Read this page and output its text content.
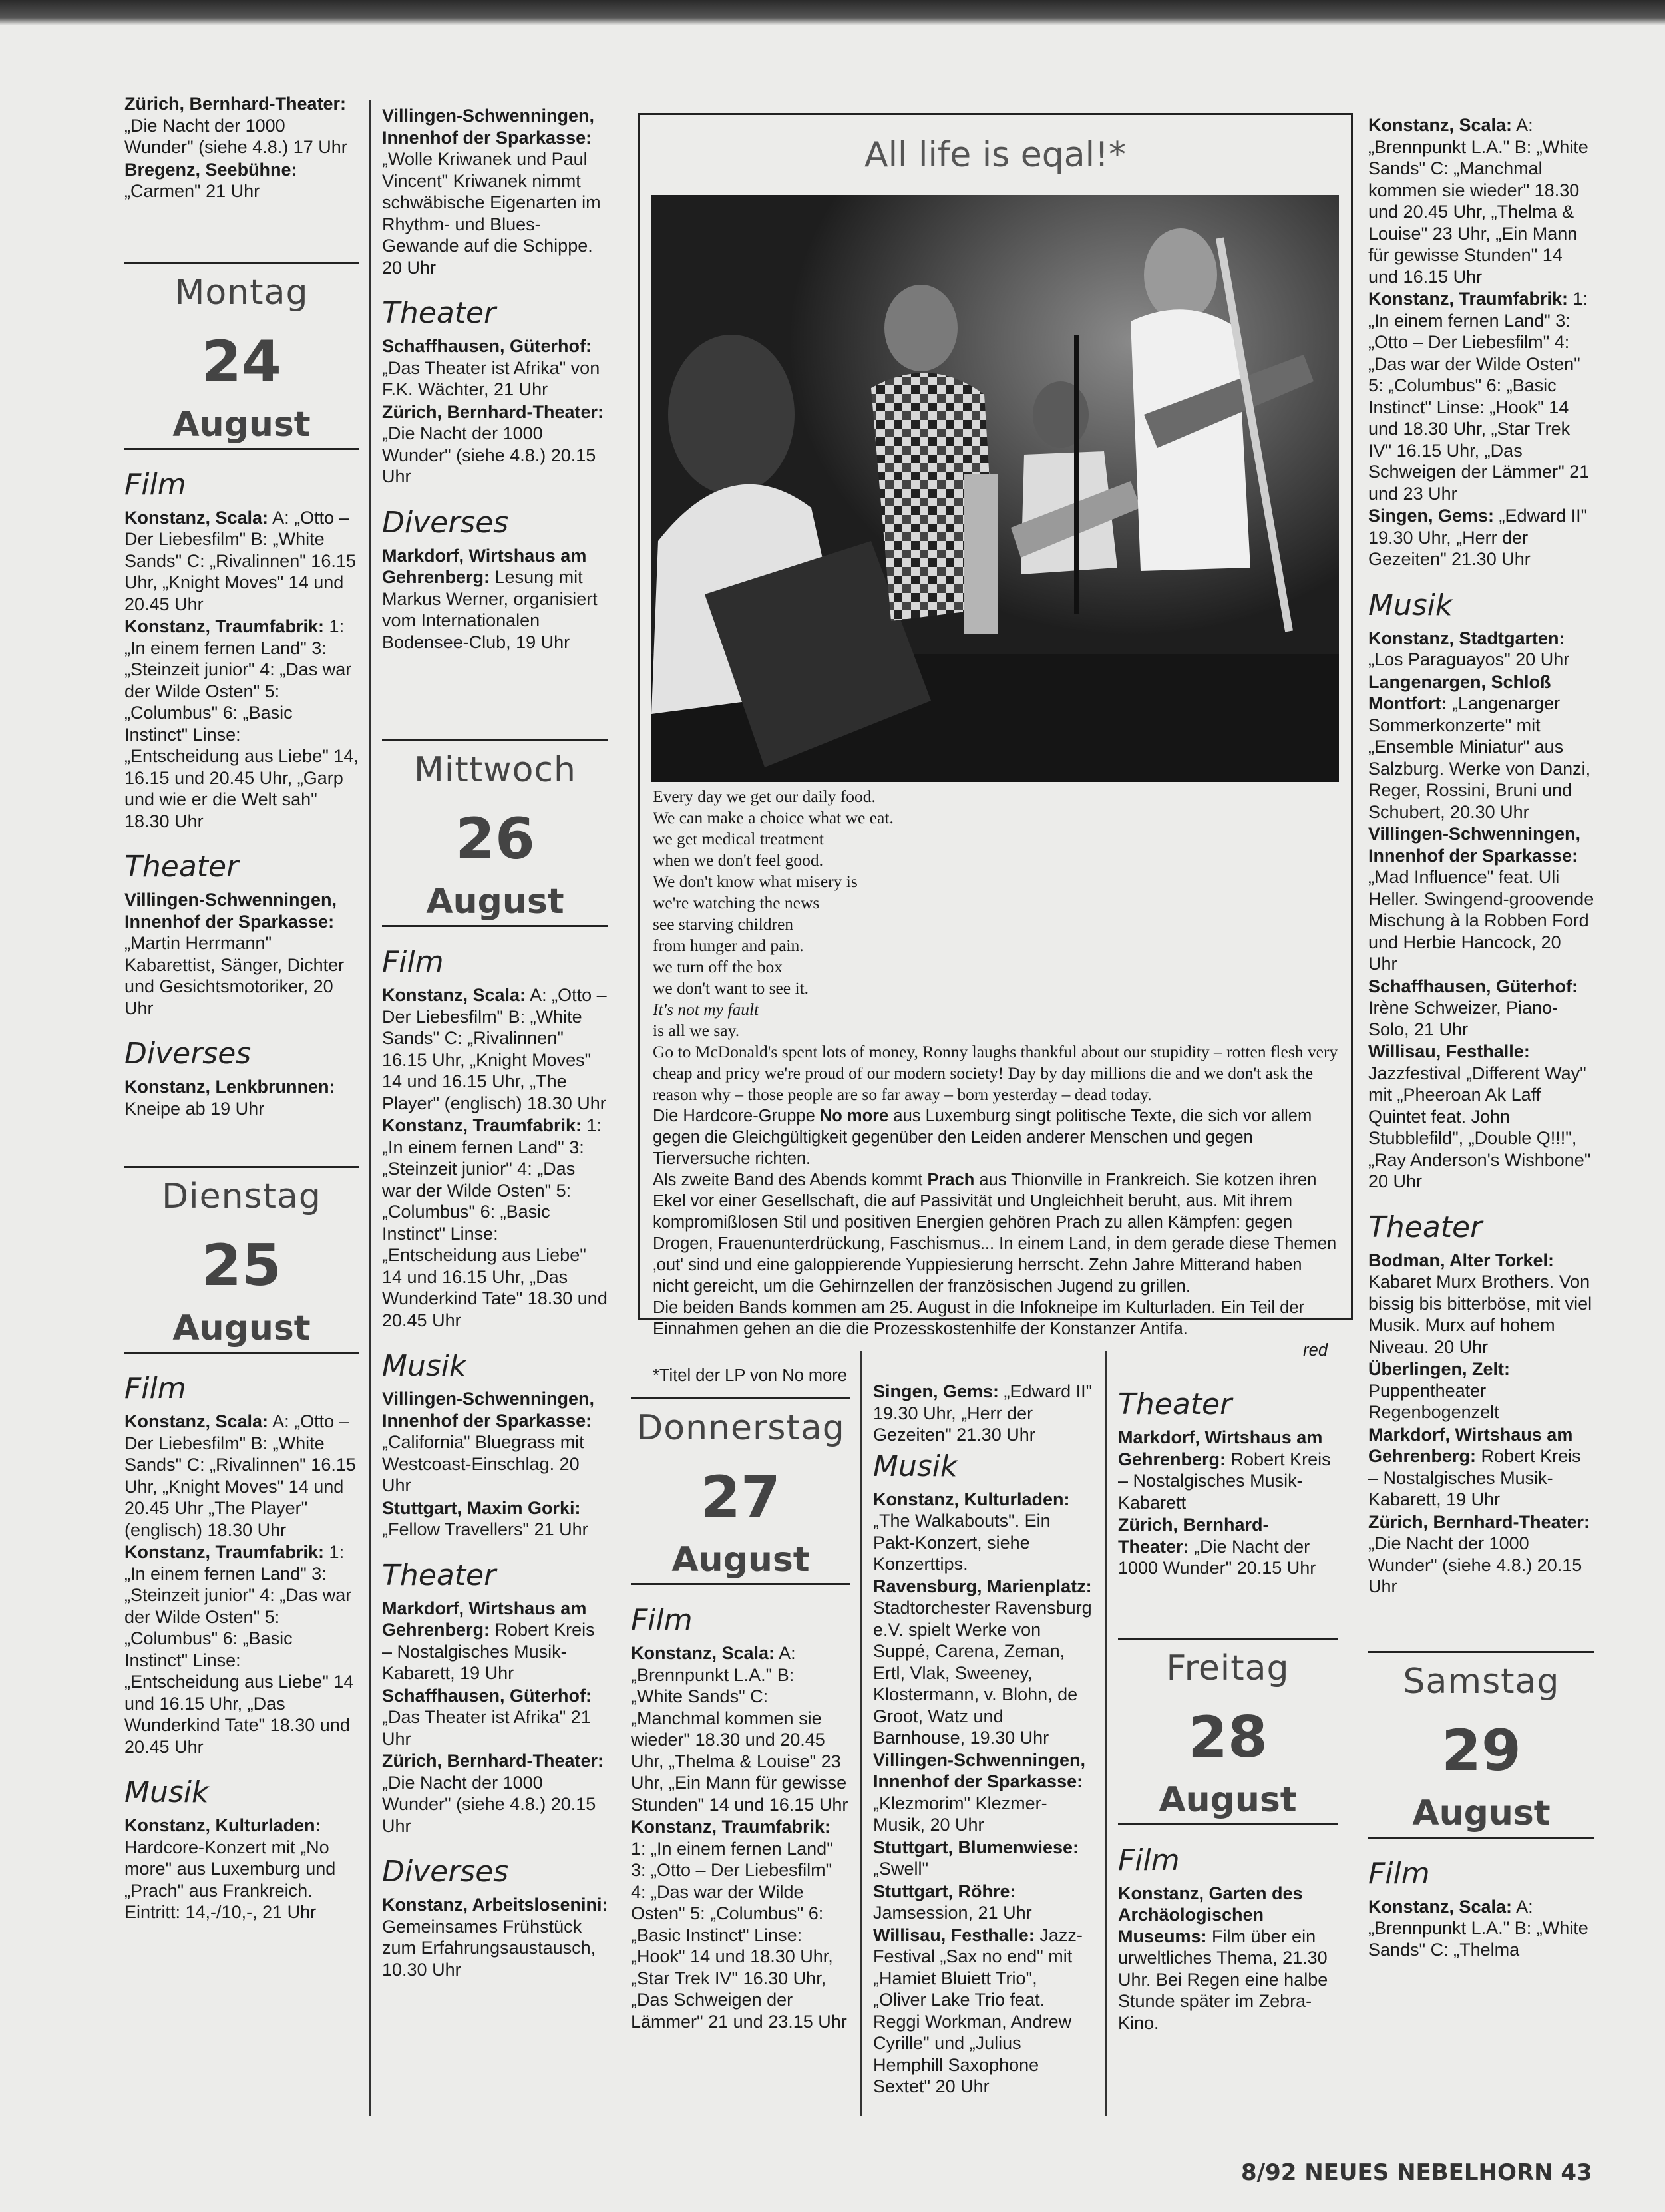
Zürich, Bernhard-Theater: „Die Nacht der 1000 Wunder" (siehe 4.8.) 17 Uhr

Bregenz, Seebühne: „Carmen" 21 Uhr

Montag
24
August
Film

Konstanz, Scala: A: „Otto – Der Liebesfilm" B: „White Sands" C: „Rivalinnen" 16.15 Uhr, „Knight Moves" 14 und 20.45 Uhr

Konstanz, Traumfabrik: 1: „In einem fernen Land" 3: „Steinzeit junior" 4: „Das war der Wilde Osten" 5: „Columbus" 6: „Basic Instinct" Linse: „Entscheidung aus Liebe" 14, 16.15 und 20.45 Uhr, „Garp und wie er die Welt sah" 18.30 Uhr

Theater

Villingen-Schwenningen, Innenhof der Sparkasse: „Martin Herrmann" Kabarettist, Sänger, Dichter und Gesichtsmotoriker, 20 Uhr

Diverses

Konstanz, Lenkbrunnen: Kneipe ab 19 Uhr

Dienstag
25
August
Film

Konstanz, Scala: A: „Otto – Der Liebesfilm" B: „White Sands" C: „Rivalinnen" 16.15 Uhr, „Knight Moves" 14 und 20.45 Uhr „The Player" (englisch) 18.30 Uhr

Konstanz, Traumfabrik: 1: „In einem fernen Land" 3: „Steinzeit junior" 4: „Das war der Wilde Osten" 5: „Columbus" 6: „Basic Instinct" Linse: „Entscheidung aus Liebe" 14 und 16.15 Uhr, „Das Wunderkind Tate" 18.30 und 20.45 Uhr

Musik

Konstanz, Kulturladen: Hardcore-Konzert mit „No more" aus Luxemburg und „Prach" aus Frankreich. Eintritt: 14,-/10,-, 21 Uhr

Villingen-Schwenningen, Innenhof der Sparkasse: „Wolle Kriwanek und Paul Vincent" Kriwanek nimmt schwäbische Eigenarten im Rhythm- und Blues-Gewande auf die Schippe. 20 Uhr

Theater

Schaffhausen, Güterhof: „Das Theater ist Afrika" von F.K. Wächter, 21 Uhr

Zürich, Bernhard-Theater: „Die Nacht der 1000 Wunder" (siehe 4.8.) 20.15 Uhr

Diverses

Markdorf, Wirtshaus am Gehrenberg: Lesung mit Markus Werner, organisiert vom Internationalen Bodensee-Club, 19 Uhr

Mittwoch
26
August
Film

Konstanz, Scala: A: „Otto – Der Liebesfilm" B: „White Sands" C: „Rivalinnen" 16.15 Uhr, „Knight Moves" 14 und 16.15 Uhr, „The Player" (englisch) 18.30 Uhr

Konstanz, Traumfabrik: 1: „In einem fernen Land" 3: „Steinzeit junior" 4: „Das war der Wilde Osten" 5: „Columbus" 6: „Basic Instinct" Linse: „Entscheidung aus Liebe" 14 und 16.15 Uhr, „Das Wunderkind Tate" 18.30 und 20.45 Uhr

Musik

Villingen-Schwenningen, Innenhof der Sparkasse: „California" Bluegrass mit Westcoast-Einschlag. 20 Uhr

Stuttgart, Maxim Gorki: „Fellow Travellers" 21 Uhr

Theater

Markdorf, Wirtshaus am Gehrenberg: Robert Kreis – Nostalgisches Musik-Kabarett, 19 Uhr

Schaffhausen, Güterhof: „Das Theater ist Afrika" 21 Uhr

Zürich, Bernhard-Theater: „Die Nacht der 1000 Wunder" (siehe 4.8.) 20.15 Uhr

Diverses

Konstanz, Arbeitslosenini: Gemeinsames Frühstück zum Erfahrungsaustausch, 10.30 Uhr

All life is eqal!*
Every day we get our daily food.
We can make a choice what we eat.
we get medical treatment
when we don't feel good.
We don't know what misery is
we're watching the news
see starving children
from hunger and pain.
we turn off the box
we don't want to see it.
It's not my fault
is all we say.
Go to McDonald's spent lots of money, Ronny laughs thankful about our stupidity – rotten flesh very cheap and pricy we're proud of our modern society! Day by day millions die and we don't ask the reason why – those people are so far away – born yesterday – dead today.

Die Hardcore-Gruppe No more aus Luxemburg singt politische Texte, die sich vor allem gegen die Gleichgültigkeit gegenüber den Leiden anderer Menschen und gegen Tierversuche richten.

Als zweite Band des Abends kommt Prach aus Thionville in Frankreich. Sie kotzen ihren Ekel vor einer Gesellschaft, die auf Passivität und Ungleichheit beruht, aus. Mit ihrem kompromißlosen Stil und positiven Energien gehören Prach zu allen Kämpfen: gegen Drogen, Frauenunterdrückung, Faschismus... In einem Land, in dem gerade diese Themen ‚out' sind und eine galoppierende Yuppiesierung herrscht. Zehn Jahre Mitterand haben nicht gereicht, um die Gehirnzellen der französischen Jugend zu grillen.

Die beiden Bands kommen am 25. August in die Infokneipe im Kulturladen. Ein Teil der Einnahmen gehen an die die Prozesskostenhilfe der Konstanzer Antifa.

red

*Titel der LP von No more

Donnerstag
27
August
Film

Konstanz, Scala: A: „Brennpunkt L.A." B: „White Sands" C: „Manchmal kommen sie wieder" 18.30 und 20.45 Uhr, „Thelma & Louise" 23 Uhr, „Ein Mann für gewisse Stunden" 14 und 16.15 Uhr

Konstanz, Traumfabrik: 1: „In einem fernen Land" 3: „Otto – Der Liebesfilm" 4: „Das war der Wilde Osten" 5: „Columbus" 6: „Basic Instinct" Linse: „Hook" 14 und 18.30 Uhr, „Star Trek IV" 16.30 Uhr, „Das Schweigen der Lämmer" 21 und 23.15 Uhr

Singen, Gems: „Edward II" 19.30 Uhr, „Herr der Gezeiten" 21.30 Uhr

Musik

Konstanz, Kulturladen: „The Walkabouts". Ein Pakt-Konzert, siehe Konzerttips.

Ravensburg, Marienplatz: Stadtorchester Ravensburg e.V. spielt Werke von Suppé, Carena, Zeman, Ertl, Vlak, Sweeney, Klostermann, v. Blohn, de Groot, Watz und Barnhouse, 19.30 Uhr

Villingen-Schwenningen, Innenhof der Sparkasse: „Klezmorim" Klezmer-Musik, 20 Uhr

Stuttgart, Blumenwiese: „Swell"

Stuttgart, Röhre: Jamsession, 21 Uhr

Willisau, Festhalle: Jazz-Festival „Sax no end" mit „Hamiet Bluiett Trio", „Oliver Lake Trio feat. Reggi Workman, Andrew Cyrille" und „Julius Hemphill Saxophone Sextet" 20 Uhr

Theater

Markdorf, Wirtshaus am Gehrenberg: Robert Kreis – Nostalgisches Musik-Kabarett

Zürich, Bernhard-Theater: „Die Nacht der 1000 Wunder" 20.15 Uhr

Freitag
28
August
Film

Konstanz, Garten des Archäologischen Museums: Film über ein urweltliches Thema, 21.30 Uhr. Bei Regen eine halbe Stunde später im Zebra-Kino.

Konstanz, Scala: A: „Brennpunkt L.A." B: „White Sands" C: „Manchmal kommen sie wieder" 18.30 und 20.45 Uhr, „Thelma & Louise" 23 Uhr, „Ein Mann für gewisse Stunden" 14 und 16.15 Uhr

Konstanz, Traumfabrik: 1: „In einem fernen Land" 3: „Otto – Der Liebesfilm" 4: „Das war der Wilde Osten" 5: „Columbus" 6: „Basic Instinct" Linse: „Hook" 14 und 18.30 Uhr, „Star Trek IV" 16.15 Uhr, „Das Schweigen der Lämmer" 21 und 23 Uhr

Singen, Gems: „Edward II" 19.30 Uhr, „Herr der Gezeiten" 21.30 Uhr

Musik

Konstanz, Stadtgarten: „Los Paraguayos" 20 Uhr

Langenargen, Schloß Montfort: „Langenarger Sommerkonzerte" mit „Ensemble Miniatur" aus Salzburg. Werke von Danzi, Reger, Rossini, Bruni und Schubert, 20.30 Uhr

Villingen-Schwenningen, Innenhof der Sparkasse: „Mad Influence" feat. Uli Heller. Swingend-groovende Mischung à la Robben Ford und Herbie Hancock, 20 Uhr

Schaffhausen, Güterhof: Irène Schweizer, Piano-Solo, 21 Uhr

Willisau, Festhalle: Jazzfestival „Different Way" mit „Pheeroan Ak Laff Quintet feat. John Stubblefild", „Double Q!!!", „Ray Anderson's Wishbone" 20 Uhr

Theater

Bodman, Alter Torkel: Kabaret Murx Brothers. Von bissig bis bitterböse, mit viel Musik. Murx auf hohem Niveau. 20 Uhr

Überlingen, Zelt: Puppentheater Regenbogenzelt

Markdorf, Wirtshaus am Gehrenberg: Robert Kreis – Nostalgisches Musik-Kabarett, 19 Uhr

Zürich, Bernhard-Theater: „Die Nacht der 1000 Wunder" (siehe 4.8.) 20.15 Uhr

Samstag
29
August
Film

Konstanz, Scala: A: „Brennpunkt L.A." B: „White Sands" C: „Thelma

8/92 NEUES NEBELHORN 43
